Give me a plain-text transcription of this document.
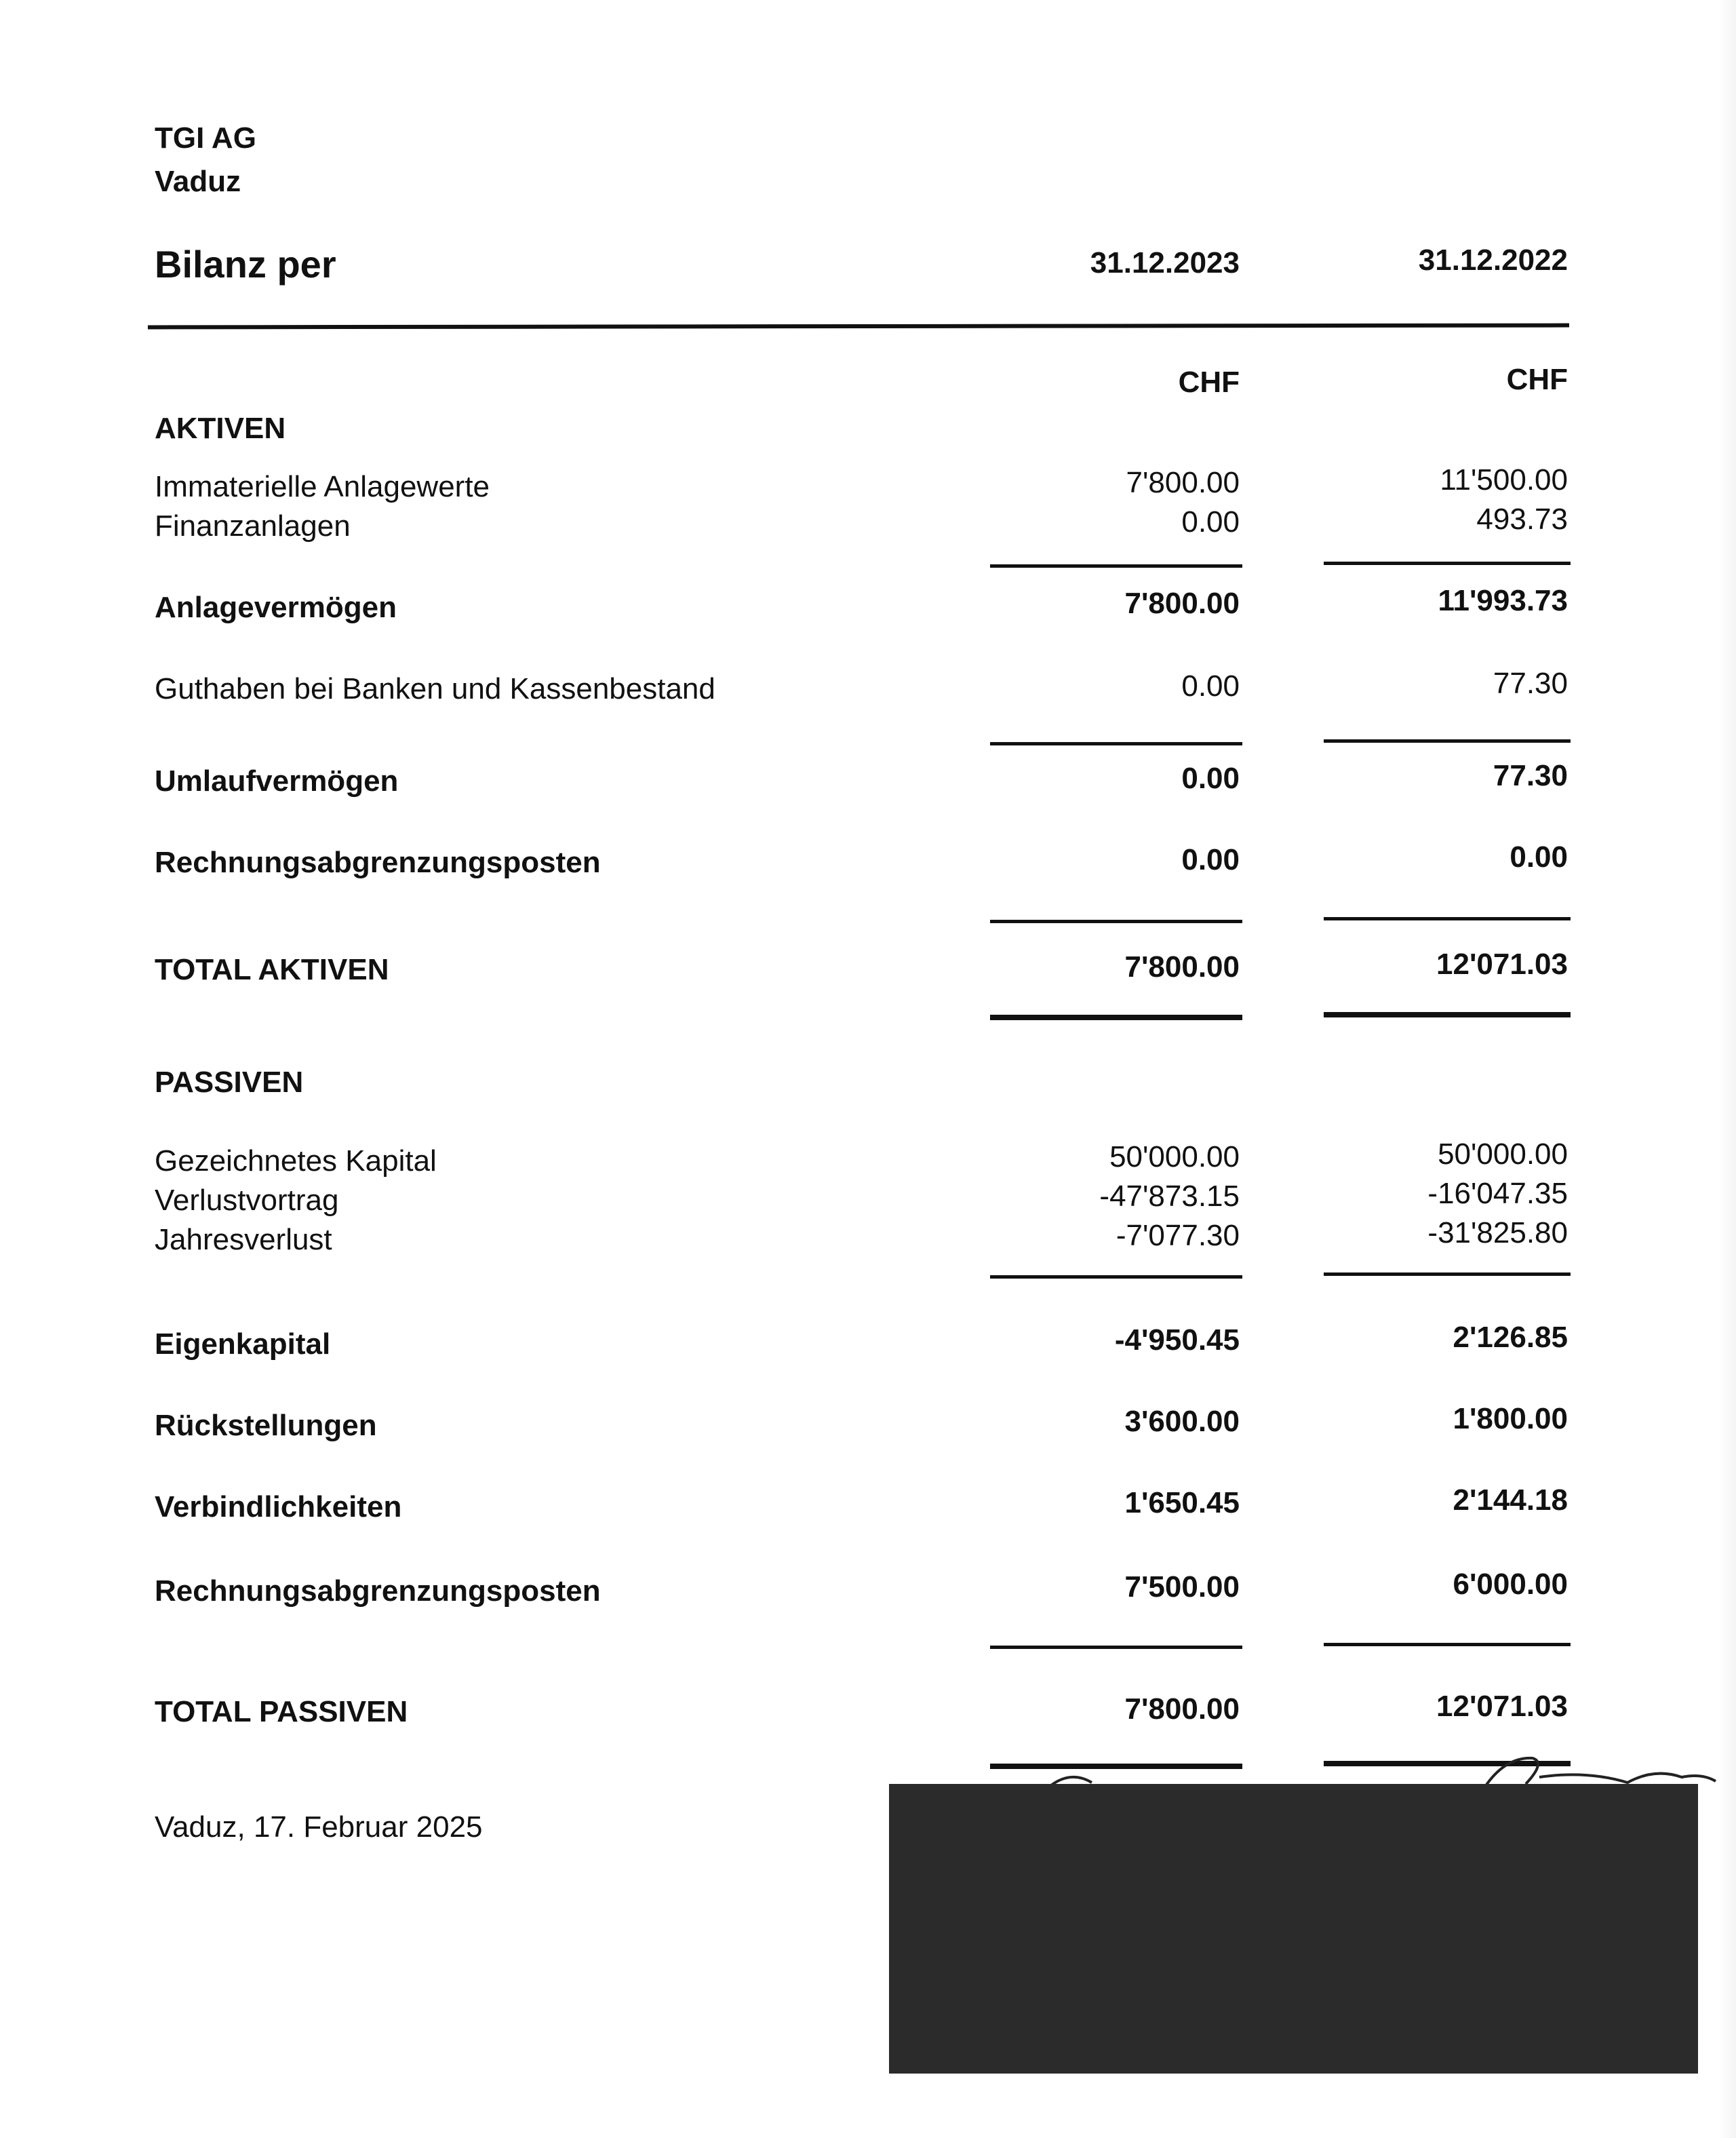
TGI AG
Vaduz
Bilanz per	31.12.2023	31.12.2022
CHF	CHF
AKTIVEN
Immaterielle Anlagewerte	7'800.00	11'500.00
Finanzanlagen	0.00	493.73
Anlagevermögen	7'800.00	11'993.73
Guthaben bei Banken und Kassenbestand	0.00	77.30
Umlaufvermögen	0.00	77.30
Rechnungsabgrenzungsposten	0.00	0.00
TOTAL AKTIVEN	7'800.00	12'071.03
PASSIVEN
Gezeichnetes Kapital	50'000.00	50'000.00
Verlustvortrag	-47'873.15	-16'047.35
Jahresverlust	-7'077.30	-31'825.80
Eigenkapital	-4'950.45	2'126.85
Rückstellungen	3'600.00	1'800.00
Verbindlichkeiten	1'650.45	2'144.18
Rechnungsabgrenzungsposten	7'500.00	6'000.00
TOTAL PASSIVEN	7'800.00	12'071.03
Vaduz, 17. Februar 2025
